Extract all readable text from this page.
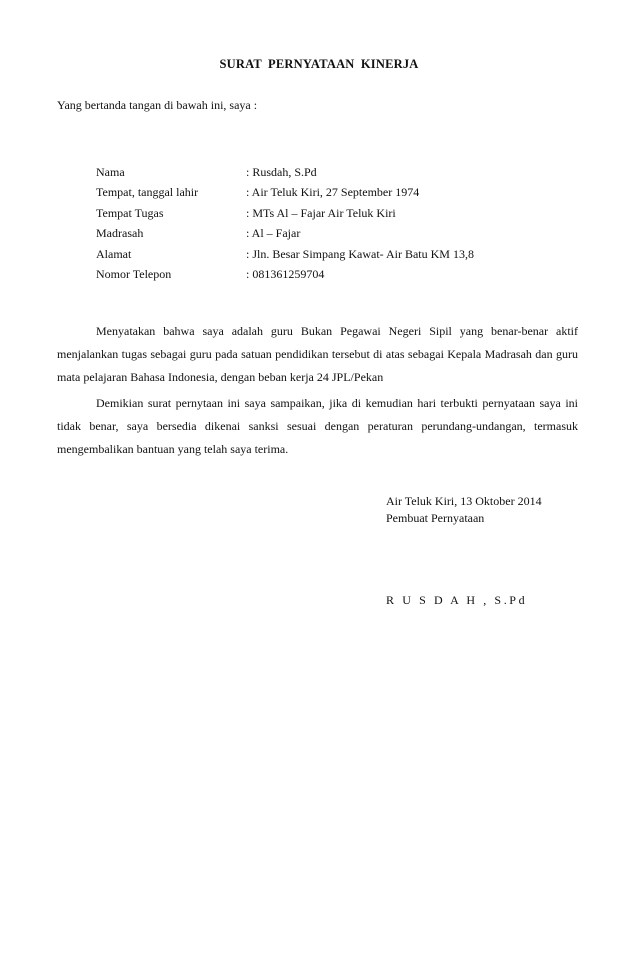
SURAT PERNYATAAN KINERJA
Yang bertanda tangan di bawah ini, saya :
Nama	: Rusdah, S.Pd
Tempat, tanggal lahir	: Air Teluk Kiri, 27 September 1974
Tempat Tugas	: MTs Al – Fajar Air Teluk Kiri
Madrasah	: Al – Fajar
Alamat	: Jln. Besar Simpang Kawat- Air Batu KM 13,8
Nomor Telepon	: 081361259704

Menyatakan bahwa saya adalah guru Bukan Pegawai Negeri Sipil yang benar-benar aktif menjalankan tugas sebagai guru pada satuan pendidikan tersebut di atas sebagai Kepala Madrasah dan guru mata pelajaran Bahasa Indonesia, dengan beban kerja 24 JPL/Pekan

Demikian surat pernytaan ini saya sampaikan, jika di kemudian hari terbukti pernyataan saya ini tidak benar, saya bersedia dikenai sanksi sesuai dengan peraturan perundang-undangan, termasuk mengembalikan bantuan yang telah saya terima.

Air Teluk Kiri, 13 Oktober 2014
Pembuat Pernyataan
R U S D A H , S.Pd
